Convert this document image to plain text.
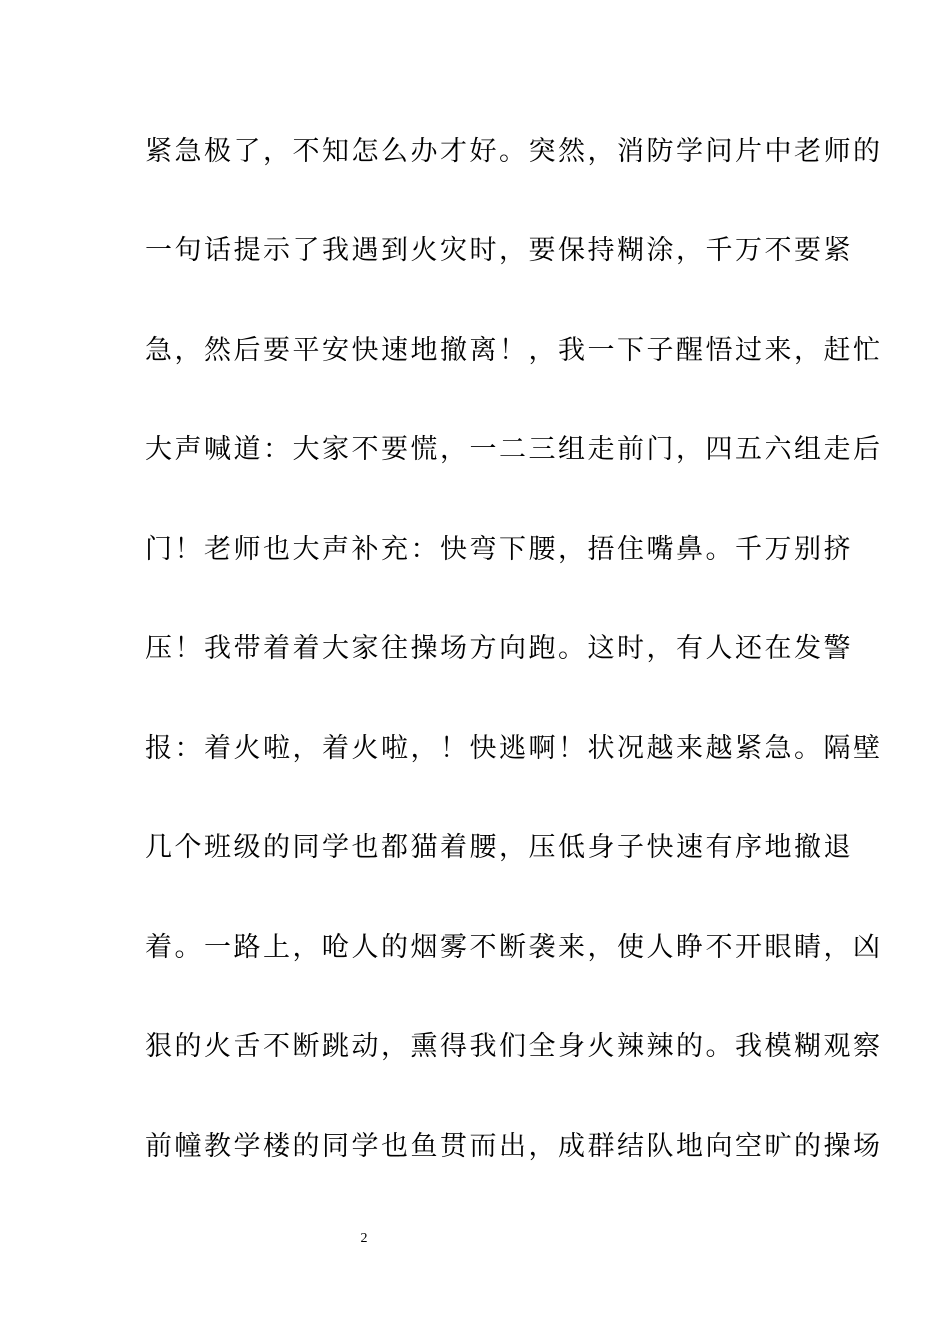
紧急极了，不知怎么办才好。突然，消防学问片中老师的
一句话提示了我遇到火灾时，要保持糊涂，千万不要紧
急，然后要平安快速地撤离！，我一下子醒悟过来，赶忙
大声喊道：大家不要慌，一二三组走前门，四五六组走后
门！老师也大声补充：快弯下腰，捂住嘴鼻。千万别挤
压！我带着着大家往操场方向跑。这时，有人还在发警
报：着火啦，着火啦，！快逃啊！状况越来越紧急。隔壁
几个班级的同学也都猫着腰，压低身子快速有序地撤退
着。一路上，呛人的烟雾不断袭来，使人睁不开眼睛，凶
狠的火舌不断跳动，熏得我们全身火辣辣的。我模糊观察
前幢教学楼的同学也鱼贯而出，成群结队地向空旷的操场
2
